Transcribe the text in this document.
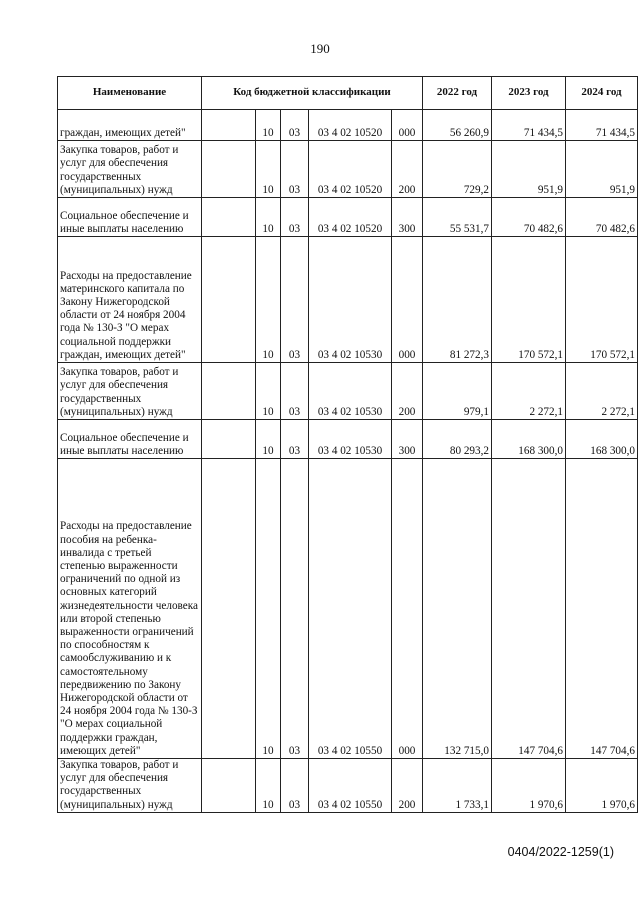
190
Наименование	Код бюджетной классификации					2022 год	2023 год	2024 год
граждан, имеющих детей"		10	03	03 4 02 10520	000	56 260,9	71 434,5	71 434,5
Закупка товаров, работ и услуг для обеспечения государственных (муниципальных) нужд		10	03	03 4 02 10520	200	729,2	951,9	951,9
Социальное обеспечение и иные выплаты населению		10	03	03 4 02 10520	300	55 531,7	70 482,6	70 482,6
Расходы на предоставление материнского капитала по Закону Нижегородской области от 24 ноября 2004 года № 130-З "О мерах социальной поддержки граждан, имеющих детей"		10	03	03 4 02 10530	000	81 272,3	170 572,1	170 572,1
Закупка товаров, работ и услуг для обеспечения государственных (муниципальных) нужд		10	03	03 4 02 10530	200	979,1	2 272,1	2 272,1
Социальное обеспечение и иные выплаты населению		10	03	03 4 02 10530	300	80 293,2	168 300,0	168 300,0
Расходы на предоставление пособия на ребенка-инвалида с третьей степенью выраженности ограничений по одной из основных категорий жизнедеятельности человека или второй степенью выраженности ограничений по способностям к самообслуживанию и к самостоятельному передвижению по Закону Нижегородской области от 24 ноября 2004 года № 130-З "О мерах социальной поддержки граждан, имеющих детей"		10	03	03 4 02 10550	000	132 715,0	147 704,6	147 704,6
Закупка товаров, работ и услуг для обеспечения государственных (муниципальных) нужд		10	03	03 4 02 10550	200	1 733,1	1 970,6	1 970,6
0404/2022-1259(1)
